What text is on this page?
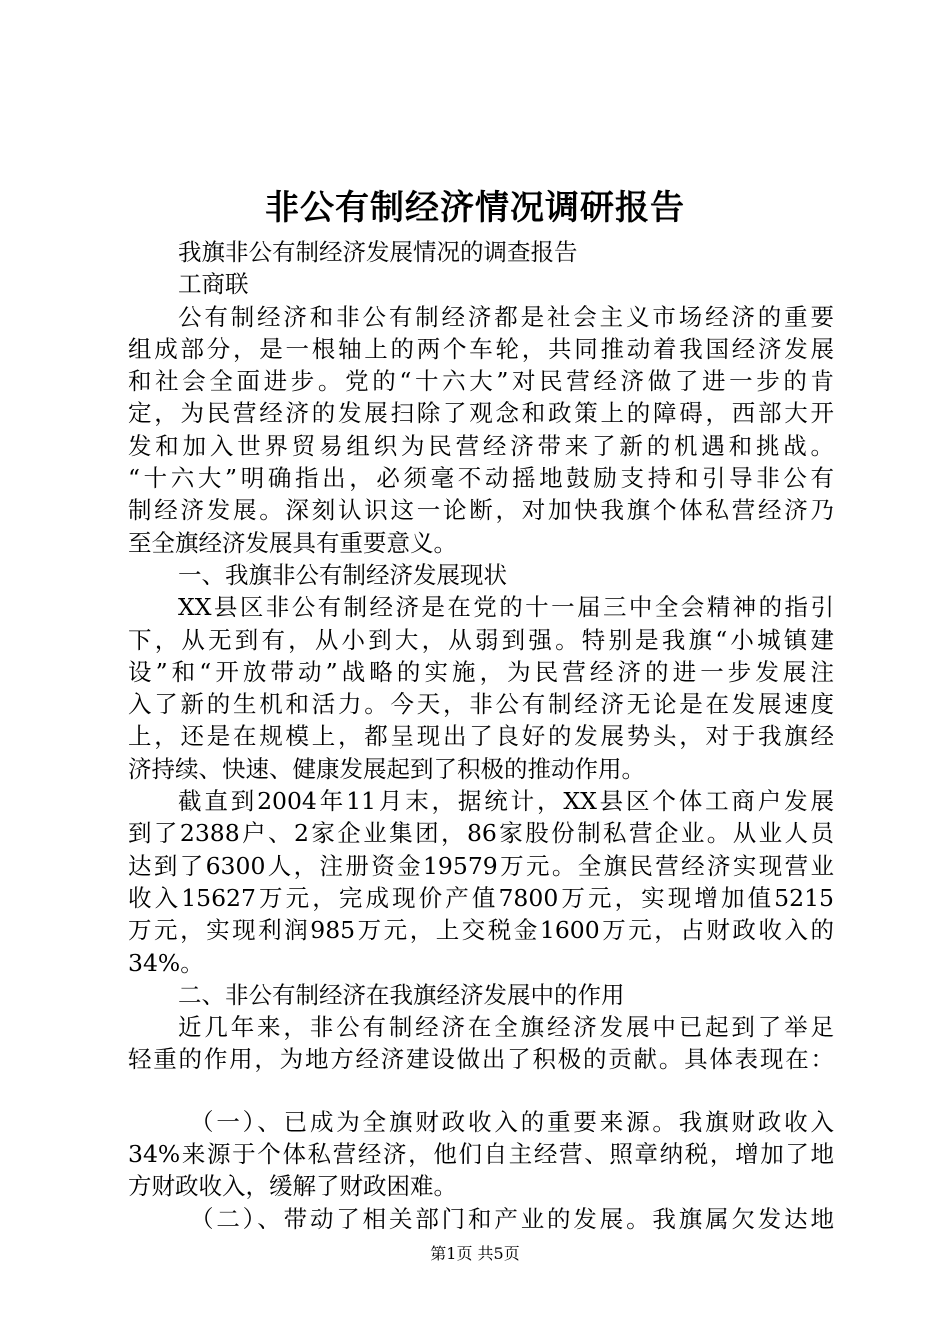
非公有制经济情况调研报告
我旗非公有制经济发展情况的调查报告
工商联
公有制经济和非公有制经济都是社会主义市场经济的重要
组成部分，是一根轴上的两个车轮，共同推动着我国经济发展
和社会全面进步。党的“十六大”对民营经济做了进一步的肯
定，为民营经济的发展扫除了观念和政策上的障碍，西部大开
发和加入世界贸易组织为民营经济带来了新的机遇和挑战。
“十六大”明确指出，必须毫不动摇地鼓励支持和引导非公有
制经济发展。深刻认识这一论断，对加快我旗个体私营经济乃
至全旗经济发展具有重要意义。
一、我旗非公有制经济发展现状
XX县区非公有制经济是在党的十一届三中全会精神的指引
下，从无到有，从小到大，从弱到强。特别是我旗“小城镇建
设”和“开放带动”战略的实施，为民营经济的进一步发展注
入了新的生机和活力。今天，非公有制经济无论是在发展速度
上，还是在规模上，都呈现出了良好的发展势头，对于我旗经
济持续、快速、健康发展起到了积极的推动作用。
截直到2004年11月末，据统计，XX县区个体工商户发展
到了2388户、2家企业集团，86家股份制私营企业。从业人员
达到了6300人，注册资金19579万元。全旗民营经济实现营业
收入15627万元，完成现价产值7800万元，实现增加值5215
万元，实现利润985万元，上交税金1600万元，占财政收入的
34%。
二、非公有制经济在我旗经济发展中的作用
近几年来，非公有制经济在全旗经济发展中已起到了举足
轻重的作用，为地方经济建设做出了积极的贡献。具体表现在：
（一）、已成为全旗财政收入的重要来源。我旗财政收入
34%来源于个体私营经济，他们自主经营、照章纳税，增加了地
方财政收入，缓解了财政困难。
（二）、带动了相关部门和产业的发展。我旗属欠发达地
第1页 共5页
